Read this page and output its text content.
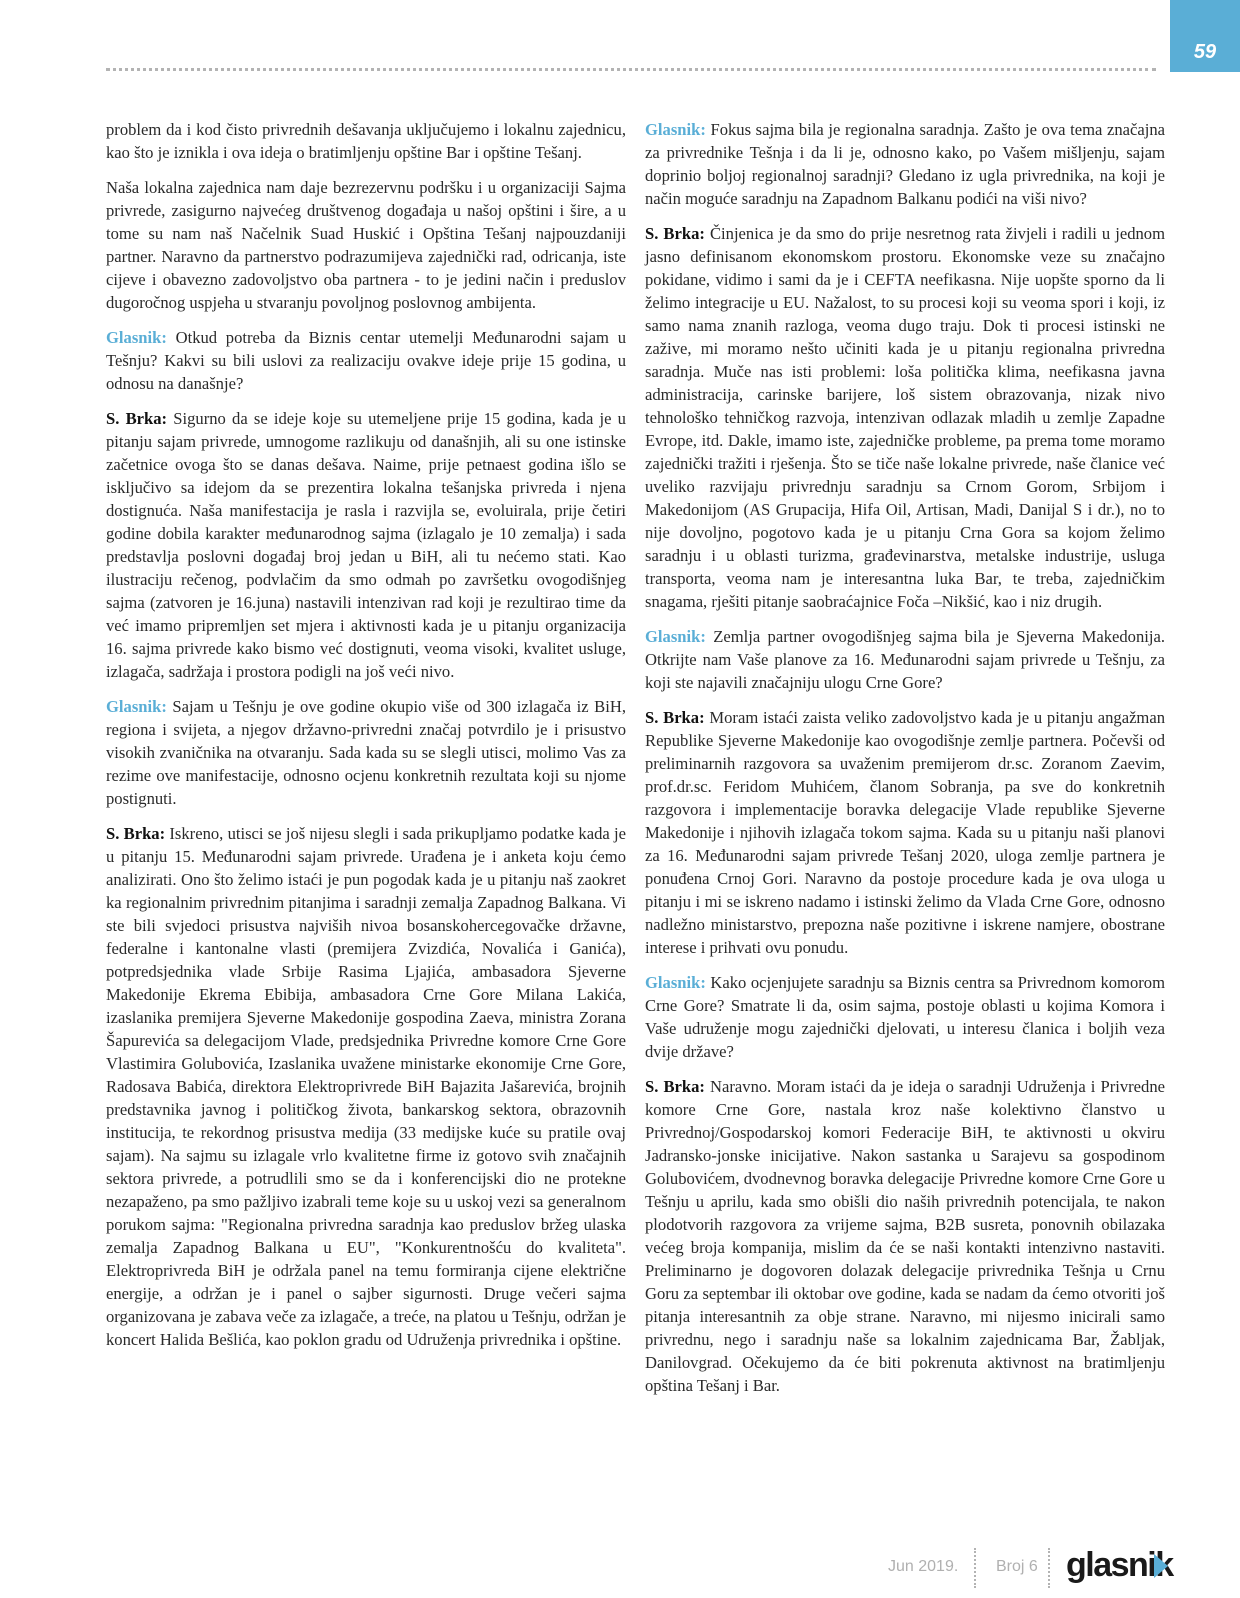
59

problem da i kod čisto privrednih dešavanja uključujemo i lokalnu zajednicu, kao što je iznikla i ova ideja o bratimljenju opštine Bar i opštine Tešanj.

Naša lokalna zajednica nam daje bezrezervnu podršku i u organizaciji Sajma privrede, zasigurno najvećeg društvenog događaja u našoj opštini i šire, a u tome su nam naš Načelnik Suad Huskić i Opština Tešanj najpouzdaniji partner. Naravno da partnerstvo podrazumijeva zajednički rad, odricanja, iste cijeve i obavezno zadovoljstvo oba partnera - to je jedini način i preduslov dugoročnog uspjeha u stvaranju povoljnog poslovnog ambijenta.

Glasnik: Otkud potreba da Biznis centar utemelji Međunarodni sajam u Tešnju? Kakvi su bili uslovi za realizaciju ovakve ideje prije 15 godina, u odnosu na današnje?

S. Brka: Sigurno da se ideje koje su utemeljene prije 15 godina, kada je u pitanju sajam privrede, umnogome razlikuju od današnjih, ali su one istinske začetnice ovoga što se danas dešava. Naime, prije petnaest godina išlo se isključivo sa idejom da se prezentira lokalna tešanjska privreda i njena dostignuća. Naša manifestacija je rasla i razvijla se, evoluirala, prije četiri godine dobila karakter međunarodnog sajma (izlagalo je 10 zemalja) i sada predstavlja poslovni događaj broj jedan u BiH, ali tu nećemo stati. Kao ilustraciju rečenog, podvlačim da smo odmah po završetku ovogodišnjeg sajma (zatvoren je 16.juna) nastavili intenzivan rad koji je rezultirao time da već imamo pripremljen set mjera i aktivnosti kada je u pitanju organizacija 16. sajma privrede kako bismo već dostignuti, veoma visoki, kvalitet usluge, izlagača, sadržaja i prostora podigli na još veći nivo.

Glasnik: Sajam u Tešnju je ove godine okupio više od 300 izlagača iz BiH, regiona i svijeta, a njegov državno-privredni značaj potvrdilo je i prisustvo visokih zvaničnika na otvaranju. Sada kada su se slegli utisci, molimo Vas za rezime ove manifestacije, odnosno ocjenu konkretnih rezultata koji su njome postignuti.

S. Brka: Iskreno, utisci se još nijesu slegli i sada prikupljamo podatke kada je u pitanju 15. Međunarodni sajam privrede. Urađena je i anketa koju ćemo analizirati. Ono što želimo istaći je pun pogodak kada je u pitanju naš zaokret ka regionalnim privrednim pitanjima i saradnji zemalja Zapadnog Balkana. Vi ste bili svjedoci prisustva najviših nivoa bosanskohercegovačke državne, federalne i kantonalne vlasti (premijera Zvizdića, Novalića i Ganića), potpredsjednika vlade Srbije Rasima Ljajića, ambasadora Sjeverne Makedonije Ekrema Ebibija, ambasadora Crne Gore Milana Lakića, izaslanika premijera Sjeverne Makedonije gospodina Zaeva, ministra Zorana Šapurevića sa delegacijom Vlade, predsjednika Privredne komore Crne Gore Vlastimira Golubovića, Izaslanika uvažene ministarke ekonomije Crne Gore, Radosava Babića, direktora Elektroprivrede BiH Bajazita Jašarevića, brojnih predstavnika javnog i političkog života, bankarskog sektora, obrazovnih institucija, te rekordnog prisustva medija (33 medijske kuće su pratile ovaj sajam). Na sajmu su izlagale vrlo kvalitetne firme iz gotovo svih značajnih sektora privrede, a potrudlili smo se da i konferencijski dio ne protekne nezapaženo, pa smo pažljivo izabrali teme koje su u uskoj vezi sa generalnom porukom sajma: "Regionalna privredna saradnja kao preduslov bržeg ulaska zemalja Zapadnog Balkana u EU", "Konkurentnošću do kvaliteta". Elektroprivreda BiH je održala panel na temu formiranja cijene električne energije, a održan je i panel o sajber sigurnosti. Druge večeri sajma organizovana je zabava veče za izlagače, a treće, na platou u Tešnju, održan je koncert Halida Bešlića, kao poklon gradu od Udruženja privrednika i opštine.

Glasnik: Fokus sajma bila je regionalna saradnja. Zašto je ova tema značajna za privrednike Tešnja i da li je, odnosno kako, po Vašem mišljenju, sajam doprinio boljoj regionalnoj saradnji? Gledano iz ugla privrednika, na koji je način moguće saradnju na Zapadnom Balkanu podići na viši nivo?

S. Brka: Činjenica je da smo do prije nesretnog rata živjeli i radili u jednom jasno definisanom ekonomskom prostoru. Ekonomske veze su značajno pokidane, vidimo i sami da je i CEFTA neefikasna. Nije uopšte sporno da li želimo integracije u EU. Nažalost, to su procesi koji su veoma spori i koji, iz samo nama znanih razloga, veoma dugo traju. Dok ti procesi istinski ne zažive, mi moramo nešto učiniti kada je u pitanju regionalna privredna saradnja. Muče nas isti problemi: loša politička klima, neefikasna javna administracija, carinske barijere, loš sistem obrazovanja, nizak nivo tehnološko tehničkog razvoja, intenzivan odlazak mladih u zemlje Zapadne Evrope, itd. Dakle, imamo iste, zajedničke probleme, pa prema tome moramo zajednički tražiti i rješenja. Što se tiče naše lokalne privrede, naše članice već uveliko razvijaju privrednju saradnju sa Crnom Gorom, Srbijom i Makedonijom (AS Grupacija, Hifa Oil, Artisan, Madi, Danijal S i dr.), no to nije dovoljno, pogotovo kada je u pitanju Crna Gora sa kojom želimo saradnju i u oblasti turizma, građevinarstva, metalske industrije, usluga transporta, veoma nam je interesantna luka Bar, te treba, zajedničkim snagama, rješiti pitanje saobraćajnice Foča –Nikšić, kao i niz drugih.

Glasnik: Zemlja partner ovogodišnjeg sajma bila je Sjeverna Makedonija. Otkrijte nam Vaše planove za 16. Međunarodni sajam privrede u Tešnju, za koji ste najavili značajniju ulogu Crne Gore?

S. Brka: Moram istaći zaista veliko zadovoljstvo kada je u pitanju angažman Republike Sjeverne Makedonije kao ovogodišnje zemlje partnera. Počevši od preliminarnih razgovora sa uvaženim premijerom dr.sc. Zoranom Zaevim, prof.dr.sc. Feridom Muhićem, članom Sobranja, pa sve do konkretnih razgovora i implementacije boravka delegacije Vlade republike Sjeverne Makedonije i njihovih izlagača tokom sajma. Kada su u pitanju naši planovi za 16. Međunarodni sajam privrede Tešanj 2020, uloga zemlje partnera je ponuđena Crnoj Gori. Naravno da postoje procedure kada je ova uloga u pitanju i mi se iskreno nadamo i istinski želimo da Vlada Crne Gore, odnosno nadležno ministarstvo, prepozna naše pozitivne i iskrene namjere, obostrane interese i prihvati ovu ponudu.

Glasnik: Kako ocjenjujete saradnju sa Biznis centra sa Privrednom komorom Crne Gore? Smatrate li da, osim sajma, postoje oblasti u kojima Komora i Vaše udruženje mogu zajednički djelovati, u interesu članica i boljih veza dvije države?

S. Brka: Naravno. Moram istaći da je ideja o saradnji Udruženja i Privredne komore Crne Gore, nastala kroz naše kolektivno članstvo u Privrednoj/Gospodarskoj komori Federacije BiH, te aktivnosti u okviru Jadransko-jonske inicijative. Nakon sastanka u Sarajevu sa gospodinom Golubovićem, dvodnevnog boravka delegacije Privredne komore Crne Gore u Tešnju u aprilu, kada smo obišli dio naših privrednih potencijala, te nakon plodotvorih razgovora za vrijeme sajma, B2B susreta, ponovnih obilazaka većeg broja kompanija, mislim da će se naši kontakti intenzivno nastaviti. Preliminarno je dogovoren dolazak delegacije privrednika Tešnja u Crnu Goru za septembar ili oktobar ove godine, kada se nadam da ćemo otvoriti još pitanja interesantnih za obje strane. Naravno, mi nijesmo inicirali samo privrednu, nego i saradnju naše sa lokalnim zajednicama Bar, Žabljak, Danilovgrad. Očekujemo da će biti pokrenuta aktivnost na bratimljenju opština Tešanj i Bar.

Jun 2019. Broj 6 glasnik
